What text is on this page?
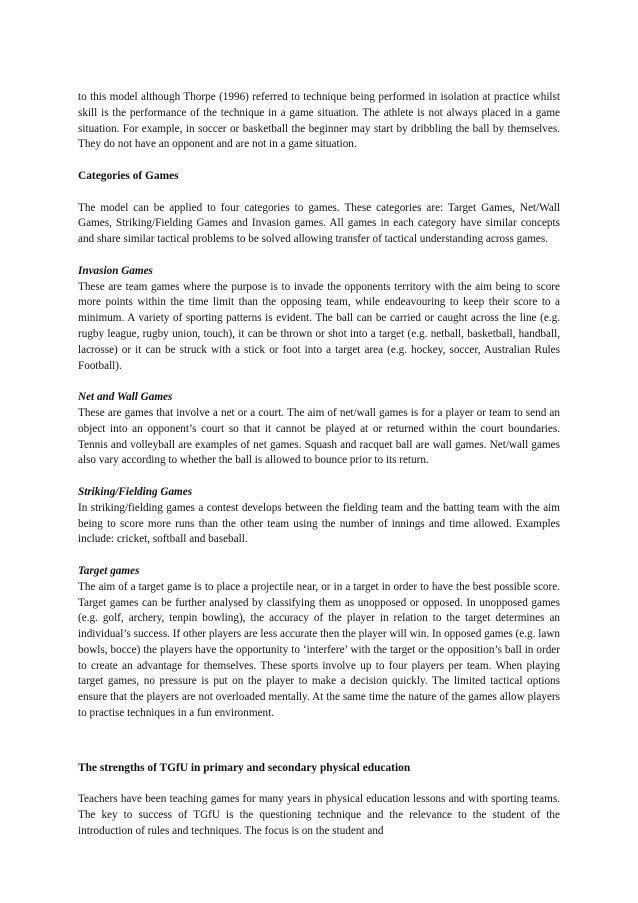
to this model although Thorpe (1996) referred to technique being performed in isolation at practice whilst skill is the performance of the technique in a game situation. The athlete is not always placed in a game situation. For example, in soccer or basketball the beginner may start by dribbling the ball by themselves. They do not have an opponent and are not in a game situation.

Categories of Games

The model can be applied to four categories to games. These categories are: Target Games, Net/Wall Games, Striking/Fielding Games and Invasion games. All games in each category have similar concepts and share similar tactical problems to be solved allowing transfer of tactical understanding across games.

Invasion Games

These are team games where the purpose is to invade the opponents territory with the aim being to score more points within the time limit than the opposing team, while endeavouring to keep their score to a minimum. A variety of sporting patterns is evident. The ball can be carried or caught across the line (e.g. rugby league, rugby union, touch), it can be thrown or shot into a target (e.g. netball, basketball, handball, lacrosse) or it can be struck with a stick or foot into a target area (e.g. hockey, soccer, Australian Rules Football).

Net and Wall Games

These are games that involve a net or a court. The aim of net/wall games is for a player or team to send an object into an opponent’s court so that it cannot be played at or returned within the court boundaries. Tennis and volleyball are examples of net games. Squash and racquet ball are wall games. Net/wall games also vary according to whether the ball is allowed to bounce prior to its return.

Striking/Fielding Games

In striking/fielding games a contest develops between the fielding team and the batting team with the aim being to score more runs than the other team using the number of innings and time allowed. Examples include: cricket, softball and baseball.

Target games

The aim of a target game is to place a projectile near, or in a target in order to have the best possible score. Target games can be further analysed by classifying them as unopposed or opposed. In unopposed games (e.g. golf, archery, tenpin bowling), the accuracy of the player in relation to the target determines an individual’s success. If other players are less accurate then the player will win. In opposed games (e.g. lawn bowls, bocce) the players have the opportunity to ‘interfere’ with the target or the opposition’s ball in order to create an advantage for themselves. These sports involve up to four players per team. When playing target games, no pressure is put on the player to make a decision quickly. The limited tactical options ensure that the players are not overloaded mentally. At the same time the nature of the games allow players to practise techniques in a fun environment.

The strengths of TGfU in primary and secondary physical education

Teachers have been teaching games for many years in physical education lessons and with sporting teams. The key to success of TGfU is the questioning technique and the relevance to the student of the introduction of rules and techniques. The focus is on the student and
